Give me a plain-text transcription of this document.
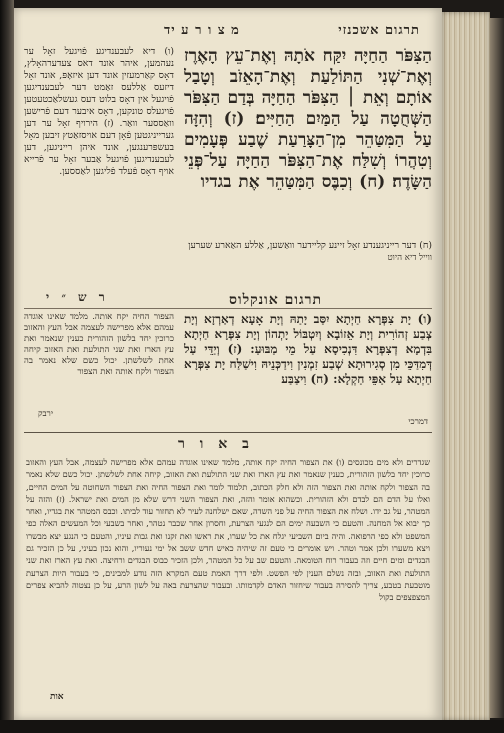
תרגום אשכנזי
מ צ ו ר ע יד
הַצִּפֹּר הַחַיָּה יִקַּח אֹתָהּ וְאֶת־עֵץ הָאֶרֶז וְאֶת־שְׁנִי הַתּוֹלַעַת וְאֶת־הָאֵזֹב וְטָבַל אוֹתָם וְאֵת ׀ הַצִּפֹּר הַחַיָּה בְּדַם הַצִּפֹּר הַשְּׁחֻטָה עַל הַמַּיִם הַחַיִּים׃ (ז) וְהִזָּה עַל הַמִּטַּהֵר מִן־הַצָּרַעַת שֶׁבַע פְּעָמִים וְטִהֲרוֹ וְשִׁלַּח אֶת־הַצִּפֹּר הַחַיָּה עַל־פְּנֵי הַשָּׂדֶה׃ (ח) וְכִבֶּס הַמִּטַּהֵר אֶת בגדיו
(ו) דיא לעבענדיגע פֿויגעל זאָל ער נעהמען, איהר אונד דאס צעדערהאָלץ, דאָס קאַרמעזין אונד דען איזאָפּ, אונד זאָל דיזעס אַללעס זאַמט דער לעבענדיגען פֿויגעל אין דאָס בלוט דעס געשלאַכטעטען פֿויגעלס טונקען, דאָס איבער דעם פֿרישען וואַססער וואַר. (ז) הירויף זאָל ער דען גערייניגטען פֿאָן דעם אויסזאַטץ זיבען מאָל בעשפּרענגען, אונד איהן רייניגען, דען לעבענדיגען פֿויגעל אַבער זאָל ער פֿרייא אויף דאָס פֿעלד פֿליגען לאַססען.
(ח) דער רייניגענדע זאָל זיינע קליידער וואַשען, אַללע האַארע שערען
ווייל דיא היוט
תרגום אונקלוס
ר ש ״ י
(ו) יָת צִפְּרָא חַיְתָא יִסַּב יָתַהּ וְיָת אָעָא דְאַרְזָא וְיָת צְבַע זְהוֹרִית וְיָת אֵזוֹבָא וְיִטְבּוֹל יָתְהוֹן וְיָת צִפְּרָא חַיְתָא בִּדְמָא דְצִפְּרָא דִּנְכִיסָא עַל מֵי מַבּוּעַ: (ז) וְיַדֵּי עַל דְּמִדַּכֵּי מִן סְגִירוּתָא שְׁבַע זִמְנִין וִידַכְּנֵיהּ וִישַׁלַּח יָת צִפְּרָא חַיְתָא עַל אַפֵּי חַקְלָא: (ח) וִיצַבַּע
הצפור החיה יקח אותה. מלמד שאינו אוגדה עמהם אלא מפרישה לעצמה אבל העץ והאזוב כרוכין יחד בלשון הזהורית כענין שנאמר ואת עץ הארז ואת שני התולעת ואת האזוב קיחה אחת לשלשתן. יכול כשם שלא נאמר בה הצפור ולקח אותה ואת הצפור
דמרכי
ירבק
ב א ו ר
שגדרים ולא מים מכונסים (ו) את הצפור החיה יקח אותה, מלמד שאינו אוגדה עמהם אלא מפרישה לעצמה, אבל העץ והאזוב כרוכין יחד בלשון הזהורית, כענין שנאמר ואת עץ הארז ואת שני התולעת ואת האזוב, קיחה אחת לשלשתן. יכול כשם שלא נאמר בה הצפור ולקח אותה ואת הצפור הזה ולא חלק הכתוב, תלמוד לומר ואת הצפור החיה ואת הצפור השחוטה על המים החיים, ואלו על הדם הם לבדם ולא הזהורית. וכשהוא אומר והזה, ואת הצפור השני דרש שלא מן המים ואת ישראל. (ז) והזה על המטהר, על גב ידו. ושלח את הצפור החיה על פני השדה, שאם ישלחנה לעיר לא תחזור עוד לביתו. וכבס המטהר את בגדיו, ואחר כך יבוא אל המחנה. והטעם כי השבעה ימים הם לנגעי הצרעת, וחסרון אחר שכבר נטהר, ואחר בשבעי וכל המעשים האלה כפי המשפט ולא כפי הרפואה. והיה ביום השביעי יגלח את כל שערו, את ראשו ואת זקנו ואת גבות עיניו, והטעם כי הנגע יצא מבשרו ויצא משערו ולכן אמר וטהר. ויש אומרים כי טעם זה שיהיה כאיש חדש ששב אל ימי נעוריו, והוא נכון בעיני, על כן הזכיר גם הבגדים ומים חיים וזה בעבור רוח הטומאה. והטעם שב על כל המטהר, ולכן הזכיר כבוס הבגדים ורחיצה. ואת עץ הארז ואת שני התולעת ואת האזוב, ובזה נשלם הענין לפי הפשט. ולפי דרך האמת טעם המקרא הזה נודע למבינים, כי בעבור היות הצרעת מוטבעת בטבע, צריך להסירה בעבור שיחזור האדם לקדמותו. ובעבור שהצרעת באה על לשון הרע, על כן נצטוה להביא צפרים המצפצפים בקול
אות
